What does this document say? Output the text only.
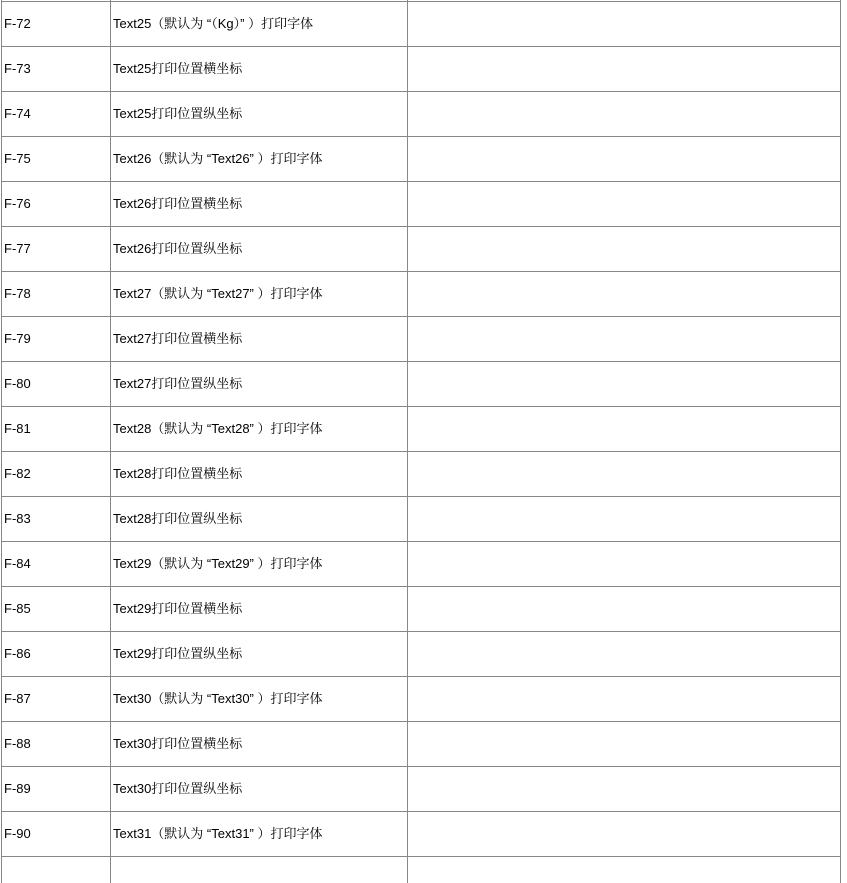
F-72	Text25（默认为 “（Kg）” ）打印字体	
F-73	Text25打印位置横坐标	
F-74	Text25打印位置纵坐标	
F-75	Text26（默认为 “Text26” ）打印字体	
F-76	Text26打印位置横坐标	
F-77	Text26打印位置纵坐标	
F-78	Text27（默认为 “Text27” ）打印字体	
F-79	Text27打印位置横坐标	
F-80	Text27打印位置纵坐标	
F-81	Text28（默认为 “Text28” ）打印字体	
F-82	Text28打印位置横坐标	
F-83	Text28打印位置纵坐标	
F-84	Text29（默认为 “Text29” ）打印字体	
F-85	Text29打印位置横坐标	
F-86	Text29打印位置纵坐标	
F-87	Text30（默认为 “Text30” ）打印字体	
F-88	Text30打印位置横坐标	
F-89	Text30打印位置纵坐标	
F-90	Text31（默认为 “Text31” ）打印字体	
